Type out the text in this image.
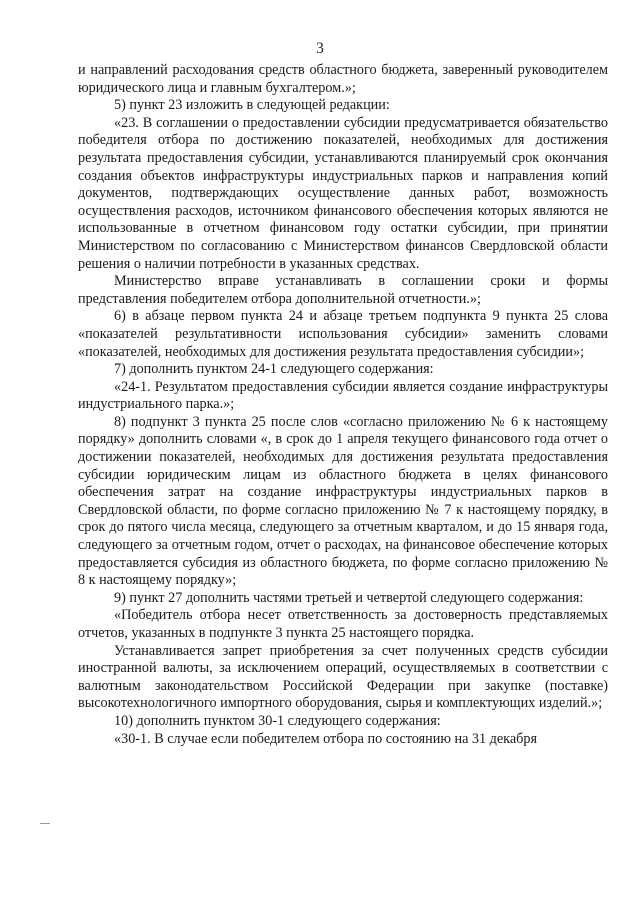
3

и направлений расходования средств областного бюджета, заверенный руководителем юридического лица и главным бухгалтером.»;

5) пункт 23 изложить в следующей редакции:

«23. В соглашении о предоставлении субсидии предусматривается обязательство победителя отбора по достижению показателей, необходимых для достижения результата предоставления субсидии, устанавливаются планируемый срок окончания создания объектов инфраструктуры индустриальных парков и направления копий документов, подтверждающих осуществление данных работ, возможность осуществления расходов, источником финансового обеспечения которых являются не использованные в отчетном финансовом году остатки субсидии, при принятии Министерством по согласованию с Министерством финансов Свердловской области решения о наличии потребности в указанных средствах.

Министерство вправе устанавливать в соглашении сроки и формы представления победителем отбора дополнительной отчетности.»;

6) в абзаце первом пункта 24 и абзаце третьем подпункта 9 пункта 25 слова «показателей результативности использования субсидии» заменить словами «показателей, необходимых для достижения результата предоставления субсидии»;

7) дополнить пунктом 24-1 следующего содержания:

«24-1. Результатом предоставления субсидии является создание инфраструктуры индустриального парка.»;

8) подпункт 3 пункта 25 после слов «согласно приложению № 6 к настоящему порядку» дополнить словами «, в срок до 1 апреля текущего финансового года отчет о достижении показателей, необходимых для достижения результата предоставления субсидии юридическим лицам из областного бюджета в целях финансового обеспечения затрат на создание инфраструктуры индустриальных парков в Свердловской области, по форме согласно приложению № 7 к настоящему порядку, в срок до пятого числа месяца, следующего за отчетным кварталом, и до 15 января года, следующего за отчетным годом, отчет о расходах, на финансовое обеспечение которых предоставляется субсидия из областного бюджета, по форме согласно приложению № 8 к настоящему порядку»;

9) пункт 27 дополнить частями третьей и четвертой следующего содержания:

«Победитель отбора несет ответственность за достоверность представляемых отчетов, указанных в подпункте 3 пункта 25 настоящего порядка.

Устанавливается запрет приобретения за счет полученных средств субсидии иностранной валюты, за исключением операций, осуществляемых в соответствии с валютным законодательством Российской Федерации при закупке (поставке) высокотехнологичного импортного оборудования, сырья и комплектующих изделий.»;

10) дополнить пунктом 30-1 следующего содержания:

«30-1. В случае если победителем отбора по состоянию на 31 декабря
